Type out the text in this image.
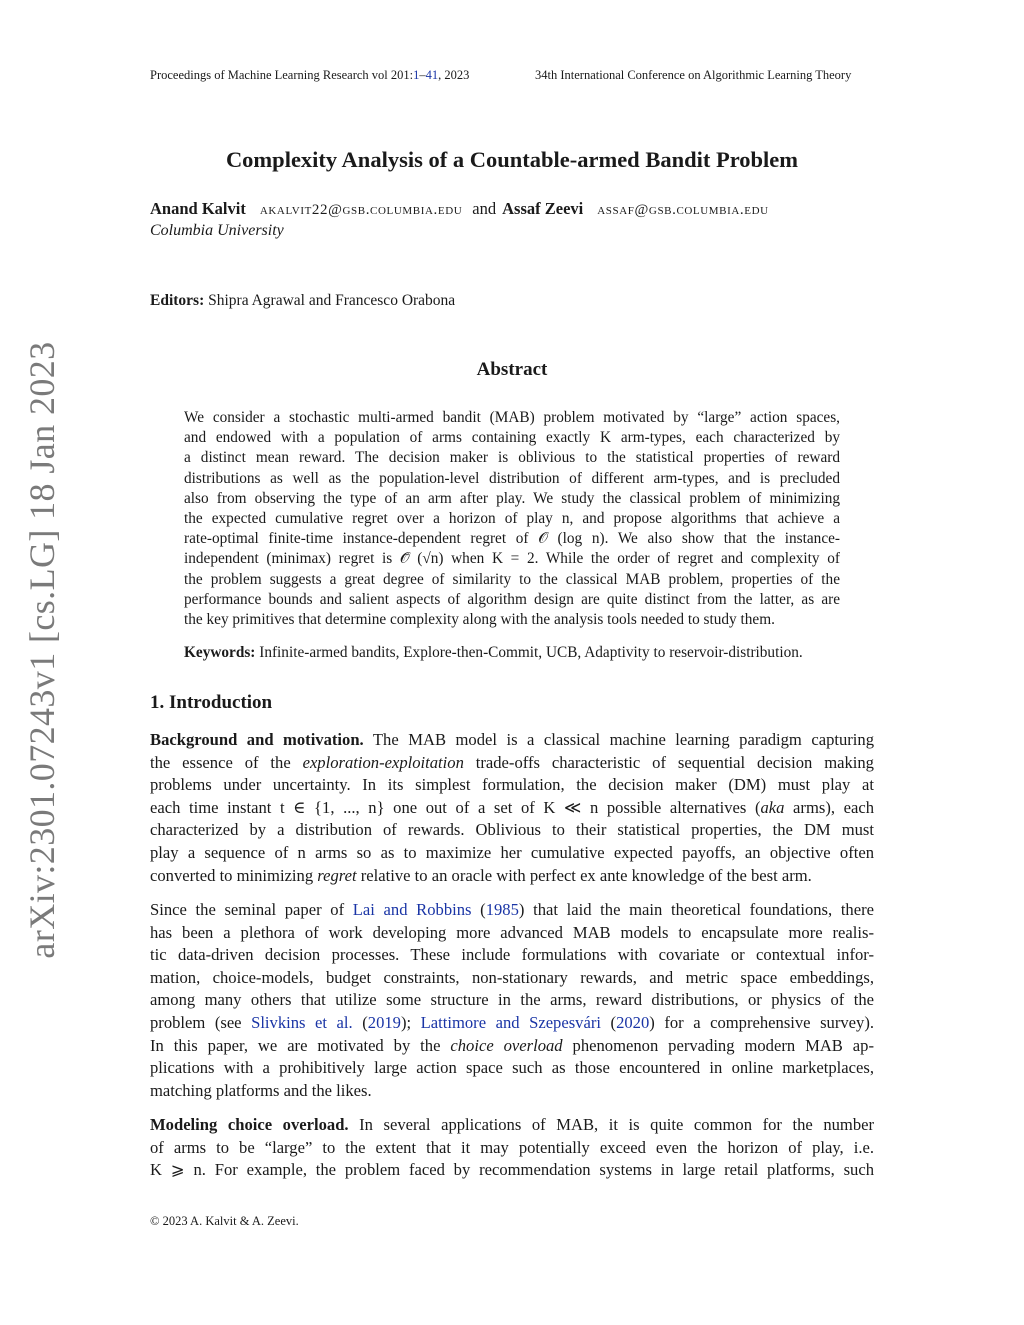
Proceedings of Machine Learning Research vol 201:1–41, 2023	34th International Conference on Algorithmic Learning Theory
Complexity Analysis of a Countable-armed Bandit Problem
Anand Kalvit akalvit22@gsb.columbia.edu and Assaf Zeevi assaf@gsb.columbia.edu
Columbia University
Editors: Shipra Agrawal and Francesco Orabona
Abstract
We consider a stochastic multi-armed bandit (MAB) problem motivated by “large” action spaces,
and endowed with a population of arms containing exactly K arm-types, each characterized by
a distinct mean reward. The decision maker is oblivious to the statistical properties of reward
distributions as well as the population-level distribution of different arm-types, and is precluded
also from observing the type of an arm after play. We study the classical problem of minimizing
the expected cumulative regret over a horizon of play n, and propose algorithms that achieve a
rate-optimal finite-time instance-dependent regret of 𝒪 (log n). We also show that the instance-
independent (minimax) regret is 𝒪̃ (√n) when K = 2. While the order of regret and complexity of
the problem suggests a great degree of similarity to the classical MAB problem, properties of the
performance bounds and salient aspects of algorithm design are quite distinct from the latter, as are
the key primitives that determine complexity along with the analysis tools needed to study them.
Keywords: Infinite-armed bandits, Explore-then-Commit, UCB, Adaptivity to reservoir-distribution.
1. Introduction
Background and motivation. The MAB model is a classical machine learning paradigm capturing
the essence of the exploration-exploitation trade-offs characteristic of sequential decision making
problems under uncertainty. In its simplest formulation, the decision maker (DM) must play at
each time instant t ∈ {1, ..., n} one out of a set of K ≪ n possible alternatives (aka arms), each
characterized by a distribution of rewards. Oblivious to their statistical properties, the DM must
play a sequence of n arms so as to maximize her cumulative expected payoffs, an objective often
converted to minimizing regret relative to an oracle with perfect ex ante knowledge of the best arm.
Since the seminal paper of Lai and Robbins (1985) that laid the main theoretical foundations, there
has been a plethora of work developing more advanced MAB models to encapsulate more realis-
tic data-driven decision processes. These include formulations with covariate or contextual infor-
mation, choice-models, budget constraints, non-stationary rewards, and metric space embeddings,
among many others that utilize some structure in the arms, reward distributions, or physics of the
problem (see Slivkins et al. (2019); Lattimore and Szepesvári (2020) for a comprehensive survey).
In this paper, we are motivated by the choice overload phenomenon pervading modern MAB ap-
plications with a prohibitively large action space such as those encountered in online marketplaces,
matching platforms and the likes.
Modeling choice overload. In several applications of MAB, it is quite common for the number
of arms to be “large” to the extent that it may potentially exceed even the horizon of play, i.e.
K ⩾ n. For example, the problem faced by recommendation systems in large retail platforms, such
© 2023 A. Kalvit & A. Zeevi.
arXiv:2301.07243v1 [cs.LG] 18 Jan 2023
